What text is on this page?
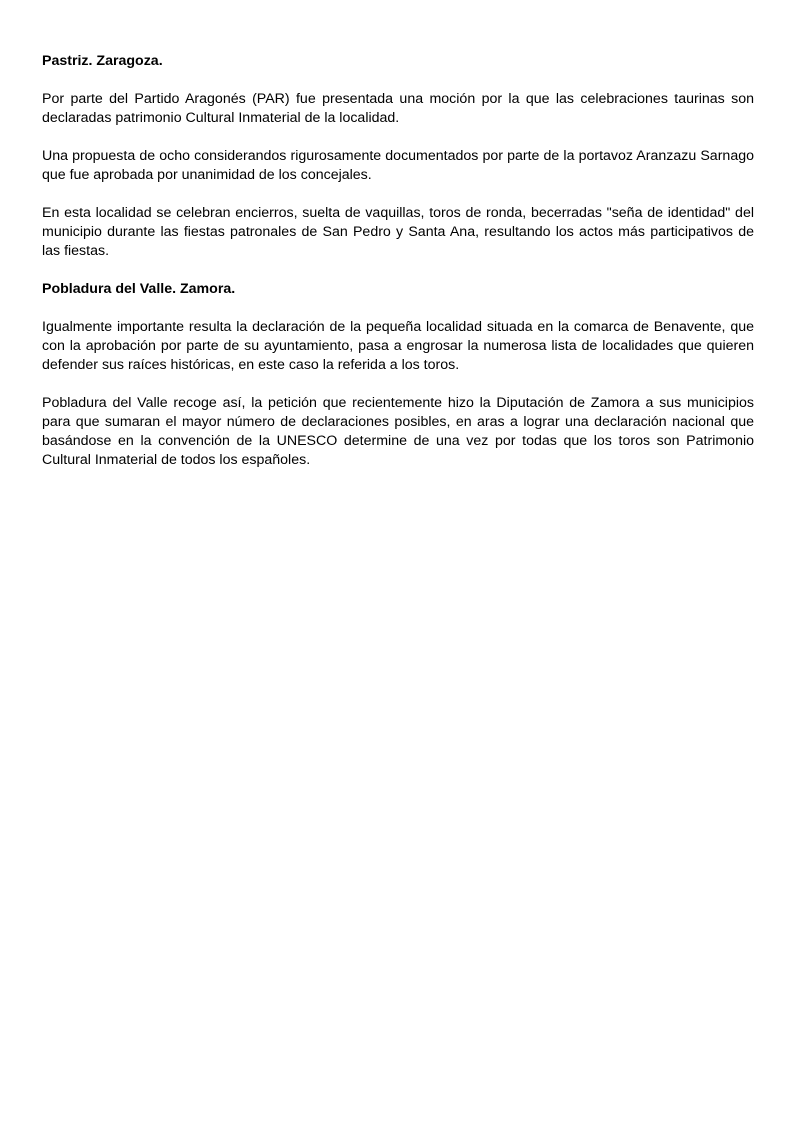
Pastriz. Zaragoza.

Por parte del Partido Aragonés (PAR) fue presentada una moción por la que las celebraciones taurinas son declaradas patrimonio Cultural Inmaterial de la localidad.

Una propuesta de ocho considerandos rigurosamente documentados por parte de la portavoz Aranzazu Sarnago que fue aprobada por unanimidad de los concejales.

En esta localidad se celebran encierros, suelta de vaquillas, toros de ronda, becerradas "seña de identidad" del municipio durante las fiestas patronales de San Pedro y Santa Ana, resultando los actos más participativos de las fiestas.

Pobladura del Valle. Zamora.

Igualmente importante resulta la declaración de la pequeña localidad situada en la comarca de Benavente, que con la aprobación por parte de su ayuntamiento, pasa a engrosar la numerosa lista de localidades que quieren defender sus raíces históricas, en este caso la referida a los toros.

Pobladura del Valle recoge así, la petición que recientemente hizo la Diputación de Zamora a sus municipios para que sumaran el mayor número de declaraciones posibles, en aras a lograr una declaración nacional que basándose en la convención de la UNESCO determine de una vez por todas que los toros son Patrimonio Cultural Inmaterial de todos los españoles.
